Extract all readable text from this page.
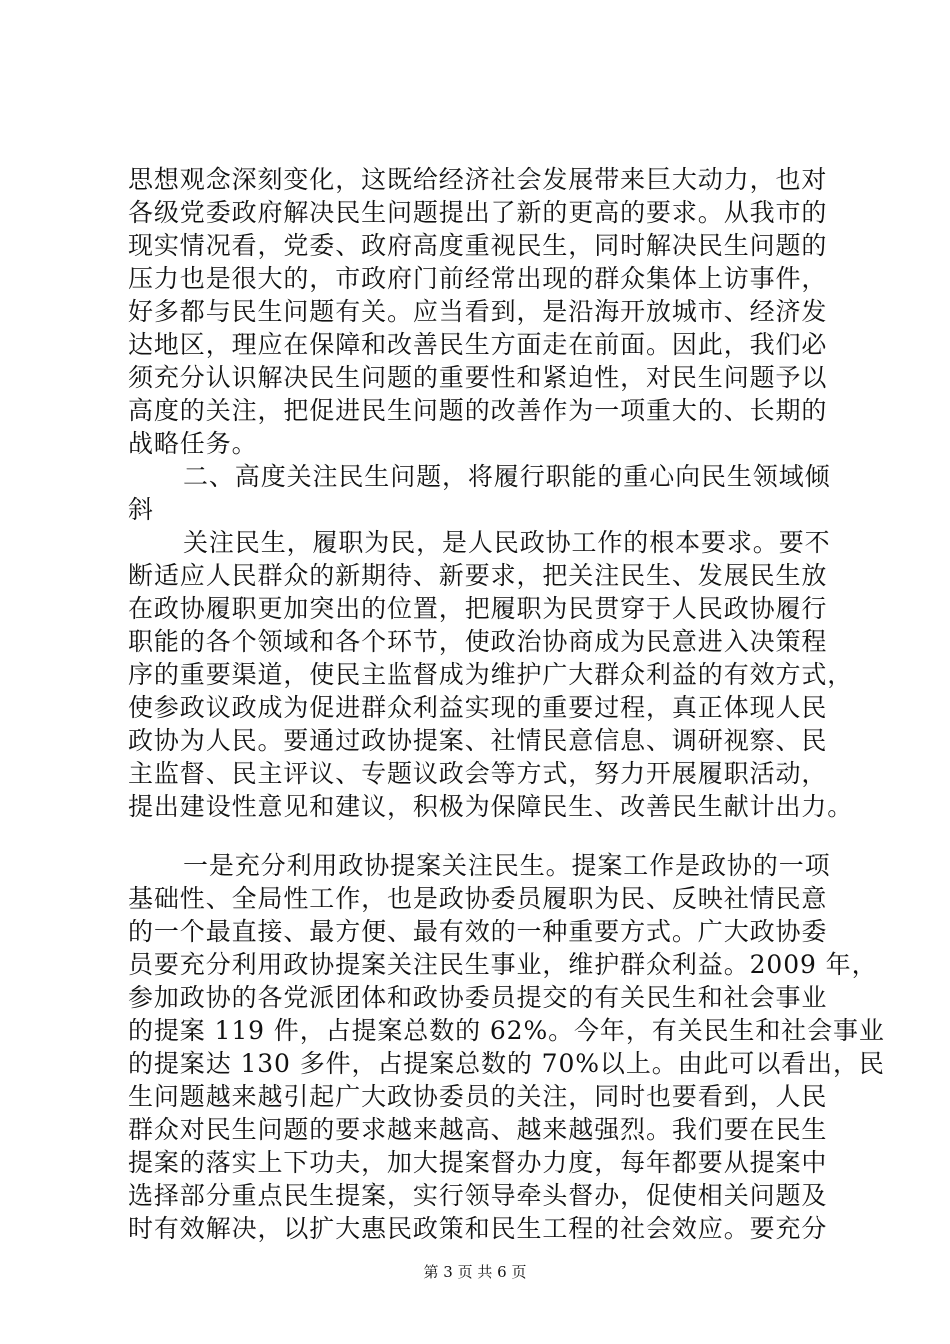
思想观念深刻变化，这既给经济社会发展带来巨大动力，也对
各级党委政府解决民生问题提出了新的更高的要求。从我市的
现实情况看，党委、政府高度重视民生，同时解决民生问题的
压力也是很大的，市政府门前经常出现的群众集体上访事件，
好多都与民生问题有关。应当看到，是沿海开放城市、经济发
达地区，理应在保障和改善民生方面走在前面。因此，我们必
须充分认识解决民生问题的重要性和紧迫性，对民生问题予以
高度的关注，把促进民生问题的改善作为一项重大的、长期的
战略任务。
二、高度关注民生问题，将履行职能的重心向民生领域倾
斜
关注民生，履职为民，是人民政协工作的根本要求。要不
断适应人民群众的新期待、新要求，把关注民生、发展民生放
在政协履职更加突出的位置，把履职为民贯穿于人民政协履行
职能的各个领域和各个环节，使政治协商成为民意进入决策程
序的重要渠道，使民主监督成为维护广大群众利益的有效方式，
使参政议政成为促进群众利益实现的重要过程，真正体现人民
政协为人民。要通过政协提案、社情民意信息、调研视察、民
主监督、民主评议、专题议政会等方式，努力开展履职活动，
提出建设性意见和建议，积极为保障民生、改善民生献计出力。
一是充分利用政协提案关注民生。提案工作是政协的一项
基础性、全局性工作，也是政协委员履职为民、反映社情民意
的一个最直接、最方便、最有效的一种重要方式。广大政协委
员要充分利用政协提案关注民生事业，维护群众利益。2009 年，
参加政协的各党派团体和政协委员提交的有关民生和社会事业
的提案 119 件，占提案总数的 62%。今年，有关民生和社会事业
的提案达 130 多件，占提案总数的 70%以上。由此可以看出，民
生问题越来越引起广大政协委员的关注，同时也要看到，人民
群众对民生问题的要求越来越高、越来越强烈。我们要在民生
提案的落实上下功夫，加大提案督办力度，每年都要从提案中
选择部分重点民生提案，实行领导牵头督办，促使相关问题及
时有效解决，以扩大惠民政策和民生工程的社会效应。要充分
第 3 页 共 6 页
